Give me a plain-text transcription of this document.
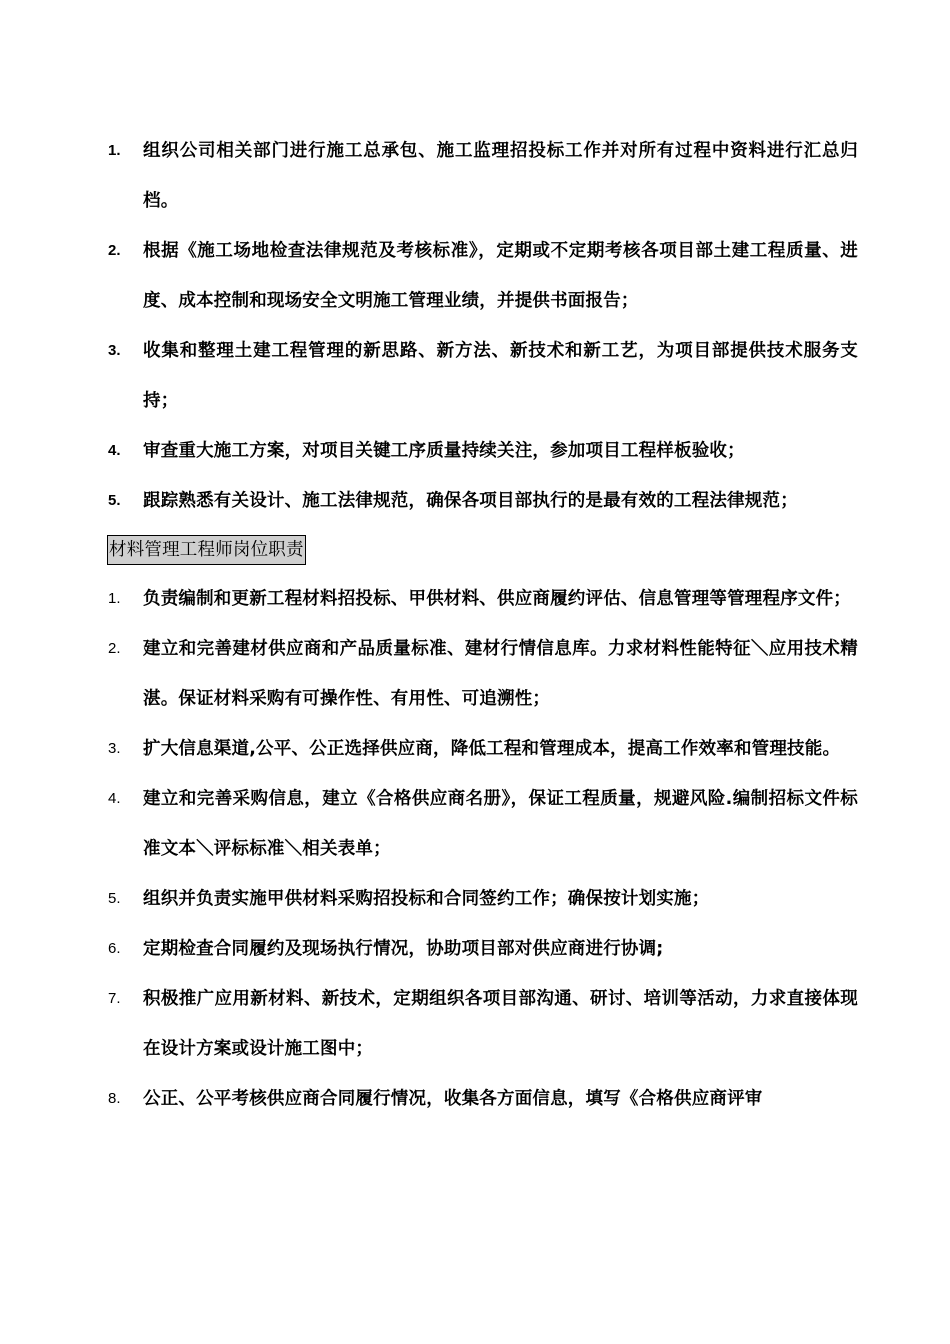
1. 组织公司相关部门进行施工总承包、施工监理招投标工作并对所有过程中资料进行汇总归档。
2. 根据《施工场地检查法律规范及考核标准》，定期或不定期考核各项目部土建工程质量、进度、成本控制和现场安全文明施工管理业绩，并提供书面报告；
3. 收集和整理土建工程管理的新思路、新方法、新技术和新工艺，为项目部提供技术服务支持；
4. 审查重大施工方案，对项目关键工序质量持续关注，参加项目工程样板验收；
5. 跟踪熟悉有关设计、施工法律规范，确保各项目部执行的是最有效的工程法律规范；
材料管理工程师岗位职责
1. 负责编制和更新工程材料招投标、甲供材料、供应商履约评估、信息管理等管理程序文件；
2. 建立和完善建材供应商和产品质量标准、建材行情信息库。力求材料性能特征＼应用技术精湛。保证材料采购有可操作性、有用性、可追溯性；
3. 扩大信息渠道,公平、公正选择供应商，降低工程和管理成本，提高工作效率和管理技能。
4. 建立和完善采购信息，建立《合格供应商名册》，保证工程质量，规避风险.编制招标文件标准文本＼评标标准＼相关表单；
5. 组织并负责实施甲供材料采购招投标和合同签约工作；确保按计划实施；
6. 定期检查合同履约及现场执行情况，协助项目部对供应商进行协调;
7. 积极推广应用新材料、新技术，定期组织各项目部沟通、研讨、培训等活动，力求直接体现在设计方案或设计施工图中；
8. 公正、公平考核供应商合同履行情况，收集各方面信息，填写《合格供应商评审
